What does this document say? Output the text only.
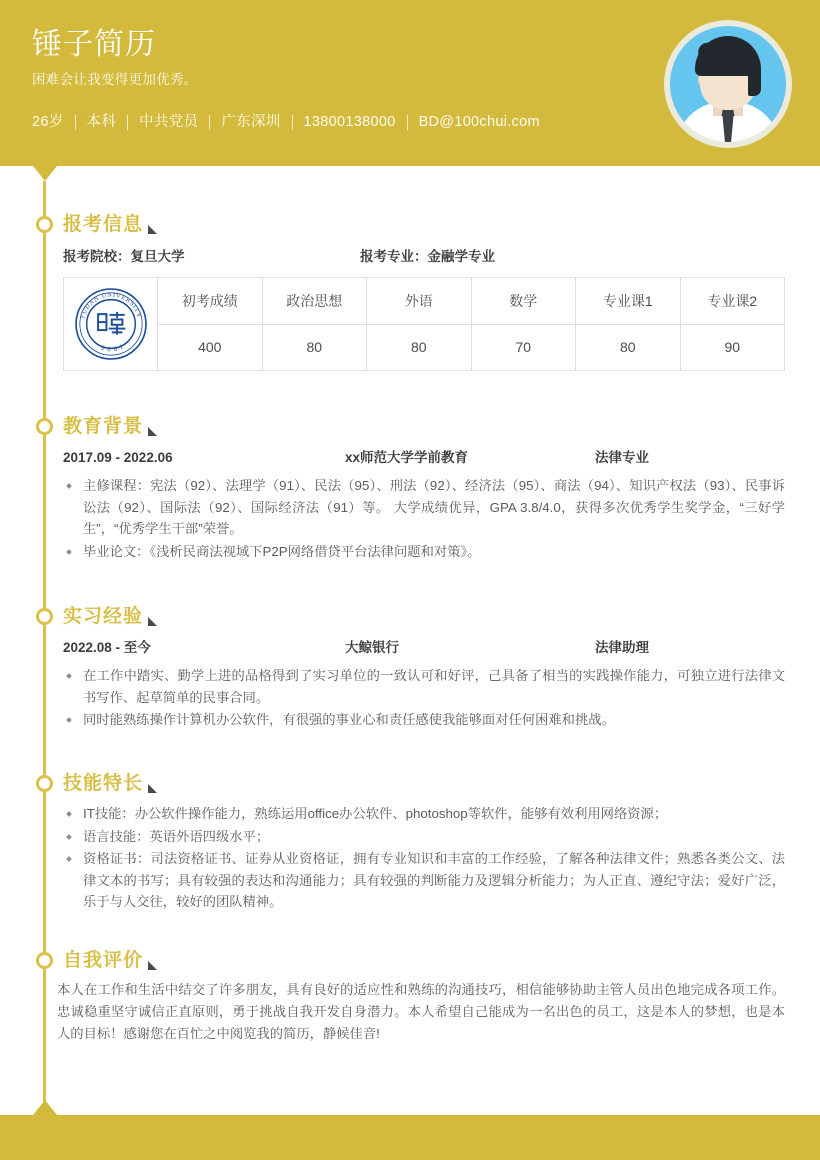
锤子简历
困难会让我变得更加优秀。
26岁 本科 中共党员 广东深圳 13800138000 BD@100chui.com
报考信息
报考院校：复旦大学	报考专业：金融学专业
FUDAN UNIVERSITY
1905	初考成绩	政治思想	外语	数学	专业课1	专业课2
	400	80	80	70	80	90
教育背景
2017.09 - 2022.06	xx师范大学学前教育	法律专业
主修课程：宪法（92）、法理学（91）、民法（95）、刑法（92）、经济法（95）、商法（94）、知识产权法（93）、民事诉讼法（92）、国际法（92）、国际经济法（91）等。 大学成绩优异，GPA 3.8/4.0，获得多次优秀学生奖学金，“三好学生”，“优秀学生干部”荣誉。
毕业论文：《浅析民商法视域下P2P网络借贷平台法律问题和对策》。
实习经验
2022.08 - 至今	大鲸银行	法律助理
在工作中踏实、勤学上进的品格得到了实习单位的一致认可和好评，己具备了相当的实践操作能力，可独立进行法律文书写作、起草简单的民事合同。
同时能熟练操作计算机办公软件，有很强的事业心和责任感使我能够面对任何困难和挑战。
技能特长
IT技能：办公软件操作能力，熟练运用office办公软件、photoshop等软件，能够有效利用网络资源；
语言技能：英语外语四级水平；
资格证书：司法资格证书、证券从业资格证，拥有专业知识和丰富的工作经验，了解各种法律文件；熟悉各类公文、法律文本的书写；具有较强的表达和沟通能力；具有较强的判断能力及逻辑分析能力；为人正直、遵纪守法；爱好广泛，乐于与人交往，较好的团队精神。
自我评价
本人在工作和生活中结交了许多朋友，具有良好的适应性和熟练的沟通技巧，相信能够协助主管人员出色地完成各项工作。忠诚稳重坚守诚信正直原则，勇于挑战自我开发自身潜力。本人希望自己能成为一名出色的员工，这是本人的梦想，也是本人的目标！感谢您在百忙之中阅览我的简历，静候佳音!
